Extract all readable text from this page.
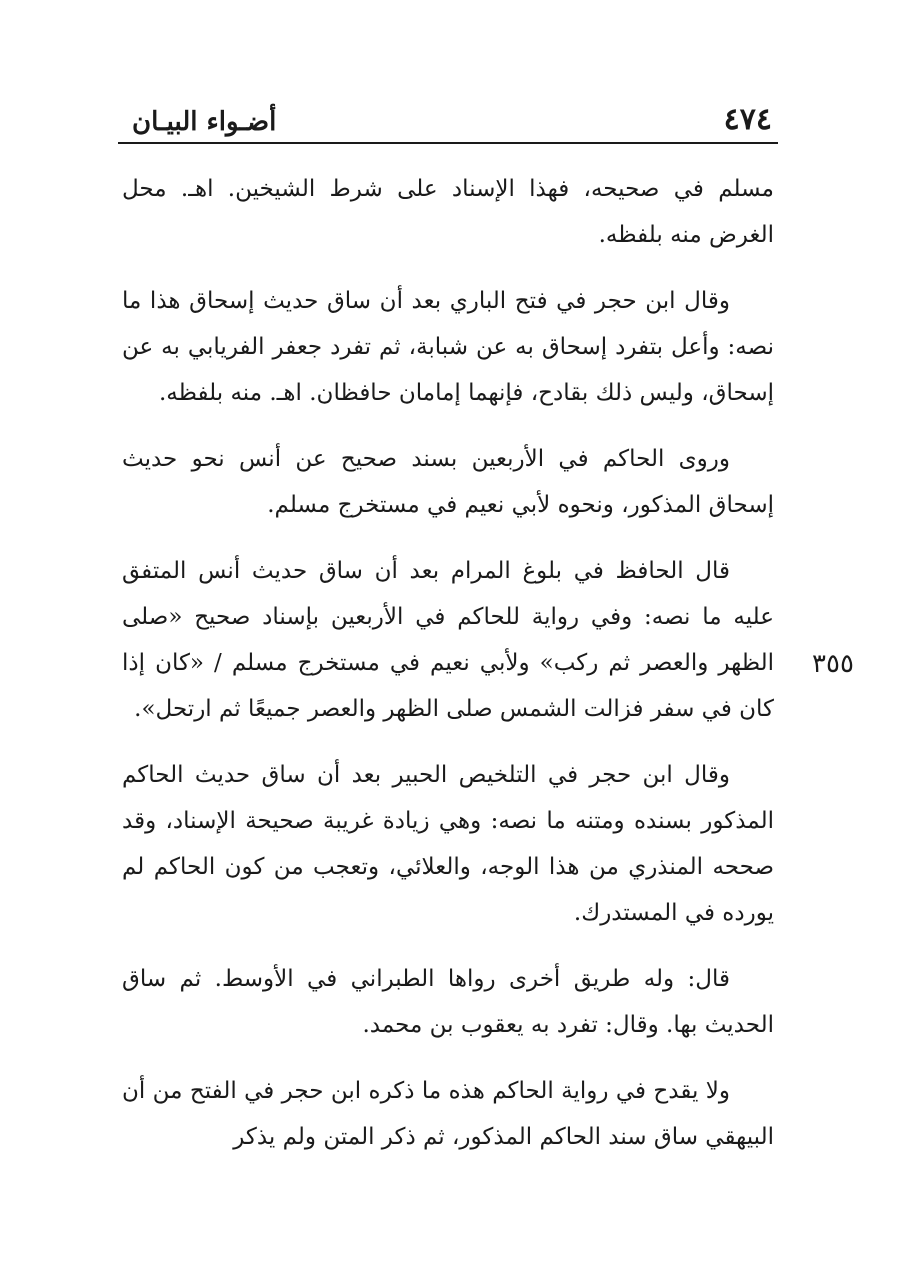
٤٧٤
أضـواء البيـان

مسلم في صحيحه، فهذا الإسناد على شرط الشيخين. اهـ. محل الغرض منه بلفظه.

وقال ابن حجر في فتح الباري بعد أن ساق حديث إسحاق هذا ما نصه: وأعل بتفرد إسحاق به عن شبابة، ثم تفرد جعفر الفريابي به عن إسحاق، وليس ذلك بقادح، فإنهما إمامان حافظان. اهـ. منه بلفظه.

وروى الحاكم في الأربعين بسند صحيح عن أنس نحو حديث إسحاق المذكور، ونحوه لأبي نعيم في مستخرج مسلم.

قال الحافظ في بلوغ المرام بعد أن ساق حديث أنس المتفق عليه ما نصه: وفي رواية للحاكم في الأربعين بإسناد صحيح «صلى الظهر والعصر ثم ركب» ولأبي نعيم في مستخرج مسلم / «كان إذا كان في سفر فزالت الشمس صلى الظهر والعصر جميعًا ثم ارتحل».

وقال ابن حجر في التلخيص الحبير بعد أن ساق حديث الحاكم المذكور بسنده ومتنه ما نصه: وهي زيادة غريبة صحيحة الإسناد، وقد صححه المنذري من هذا الوجه، والعلائي، وتعجب من كون الحاكم لم يورده في المستدرك.

قال: وله طريق أخرى رواها الطبراني في الأوسط. ثم ساق الحديث بها. وقال: تفرد به يعقوب بن محمد.

ولا يقدح في رواية الحاكم هذه ما ذكره ابن حجر في الفتح من أن البيهقي ساق سند الحاكم المذكور، ثم ذكر المتن ولم يذكر

٣٥٥
